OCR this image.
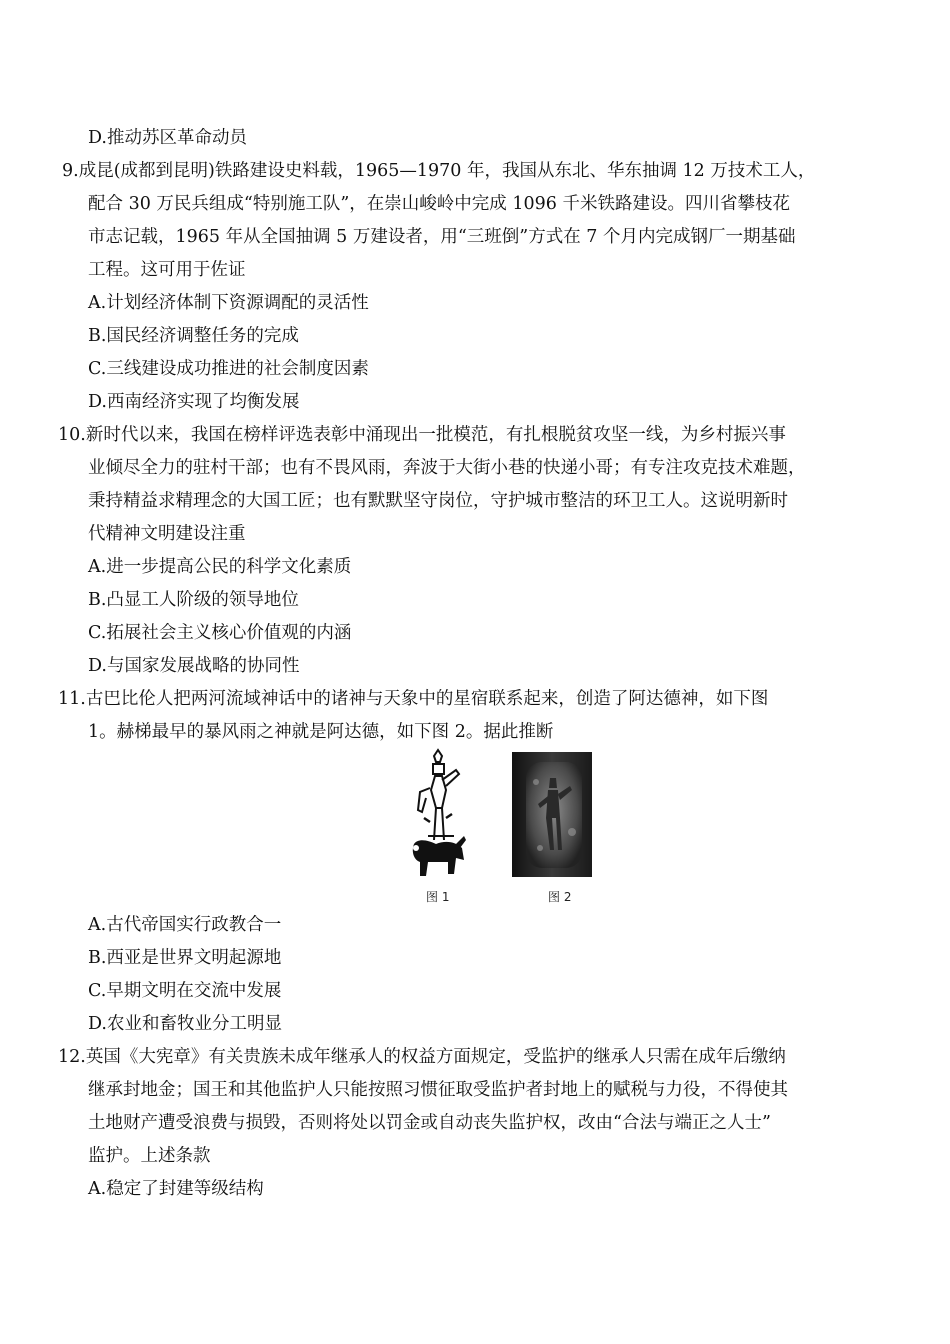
D.推动苏区革命动员
9.成昆(成都到昆明)铁路建设史料载，1965—1970 年，我国从东北、华东抽调 12 万技术工人，
配合 30 万民兵组成“特别施工队”，在崇山峻岭中完成 1096 千米铁路建设。四川省攀枝花
市志记载，1965 年从全国抽调 5 万建设者，用“三班倒”方式在 7 个月内完成钢厂一期基础
工程。这可用于佐证
A.计划经济体制下资源调配的灵活性
B.国民经济调整任务的完成
C.三线建设成功推进的社会制度因素
D.西南经济实现了均衡发展
10.新时代以来，我国在榜样评选表彰中涌现出一批模范，有扎根脱贫攻坚一线，为乡村振兴事
业倾尽全力的驻村干部；也有不畏风雨，奔波于大街小巷的快递小哥；有专注攻克技术难题，
秉持精益求精理念的大国工匠；也有默默坚守岗位，守护城市整洁的环卫工人。这说明新时
代精神文明建设注重
A.进一步提高公民的科学文化素质
B.凸显工人阶级的领导地位
C.拓展社会主义核心价值观的内涵
D.与国家发展战略的协同性
11.古巴比伦人把两河流域神话中的诸神与天象中的星宿联系起来，创造了阿达德神，如下图
1。赫梯最早的暴风雨之神就是阿达德，如下图 2。据此推断
图 1	图 2
A.古代帝国实行政教合一
B.西亚是世界文明起源地
C.早期文明在交流中发展
D.农业和畜牧业分工明显
12.英国《大宪章》有关贵族未成年继承人的权益方面规定，受监护的继承人只需在成年后缴纳
继承封地金；国王和其他监护人只能按照习惯征取受监护者封地上的赋税与力役，不得使其
土地财产遭受浪费与损毁，否则将处以罚金或自动丧失监护权，改由“合法与端正之人士”
监护。上述条款
A.稳定了封建等级结构
